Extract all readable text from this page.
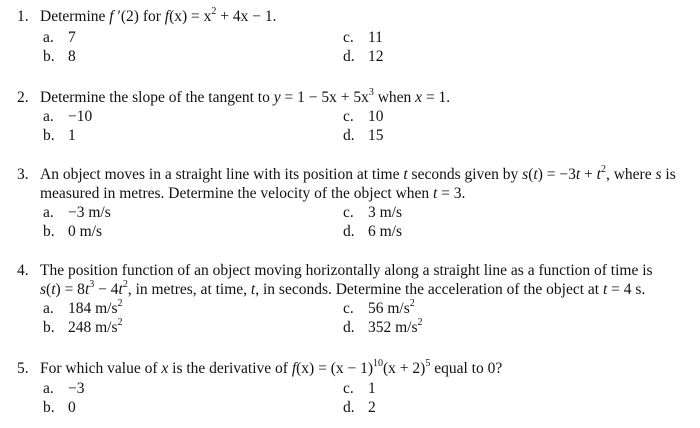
1. Determine f ′(2) for $f(x) = x^2 + 4x - 1$.
a. 7
b. 8
c. 11
d. 12
2. Determine the slope of the tangent to $y = 1 - 5x + 5x^3$ when x = 1.
a. −10
b. 1
c. 10
d. 15
3. An object moves in a straight line with its position at time t seconds given by $s(t) = -3t + t^2$, where s is
measured in metres. Determine the velocity of the object when t = 3.
a. −3 m/s
b. 0 m/s
c. 3 m/s
d. 6 m/s
4. The position function of an object moving horizontally along a straight line as a function of time is
$s(t) = 8t^3 - 4t^2$, in metres, at time, t, in seconds. Determine the acceleration of the object at t = 4 s.
a. 184 $m/s^2$
b. 248 $m/s^2$
c. 56 $m/s^2$
d. 352 $m/s^2$
5. For which value of x is the derivative of $f(x) = (x - 1)^{10}(x + 2)^5$ equal to 0?
a. −3
b. 0
c. 1
d. 2
